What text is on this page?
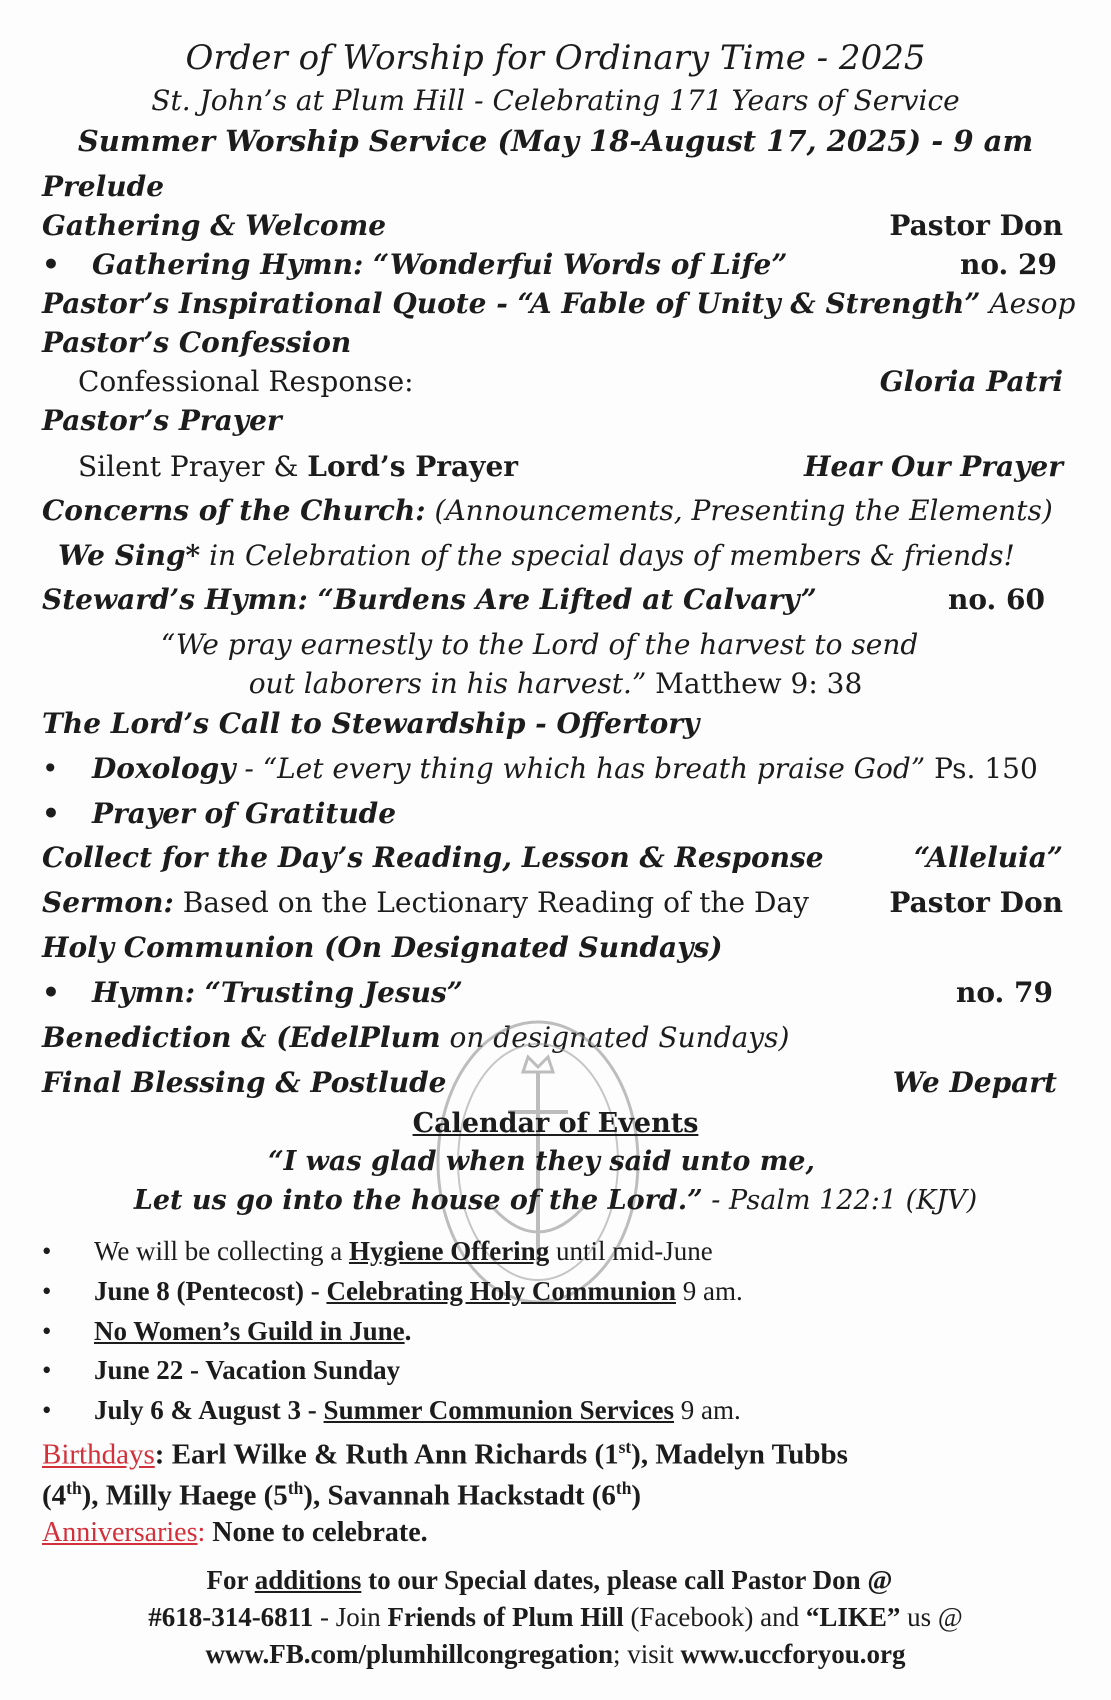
Order of Worship for Ordinary Time - 2025
St. John’s at Plum Hill - Celebrating 171 Years of Service
Summer Worship Service (May 18-August 17, 2025) - 9 am
Prelude
Gathering & Welcome	Pastor Don
• Gathering Hymn: “Wonderfui Words of Life”	no. 29
Pastor’s Inspirational Quote - “A Fable of Unity & Strength” Aesop
Pastor’s Confession
Confessional Response:	Gloria Patri
Pastor’s Prayer
Silent Prayer & Lord’s Prayer	Hear Our Prayer
Concerns of the Church: (Announcements, Presenting the Elements)
We Sing* in Celebration of the special days of members & friends!
Steward’s Hymn: “Burdens Are Lifted at Calvary”	no. 60
“We pray earnestly to the Lord of the harvest to send
out laborers in his harvest.” Matthew 9: 38
The Lord’s Call to Stewardship - Offertory
• Doxology - “Let every thing which has breath praise God” Ps. 150
• Prayer of Gratitude
Collect for the Day’s Reading, Lesson & Response	“Alleluia”
Sermon: Based on the Lectionary Reading of the Day	Pastor Don
Holy Communion (On Designated Sundays)
• Hymn: “Trusting Jesus”	no. 79
Benediction & (EdelPlum on designated Sundays)
Final Blessing & Postlude	We Depart
Calendar of Events
“I was glad when they said unto me,
Let us go into the house of the Lord.” - Psalm 122:1 (KJV)
• We will be collecting a Hygiene Offering until mid-June
• June 8 (Pentecost) - Celebrating Holy Communion 9 am.
• No Women’s Guild in June.
• June 22 - Vacation Sunday
• July 6 & August 3 - Summer Communion Services 9 am.
Birthdays: Earl Wilke & Ruth Ann Richards (1st), Madelyn Tubbs
(4th), Milly Haege (5th), Savannah Hackstadt (6th)
Anniversaries: None to celebrate.
For additions to our Special dates, please call Pastor Don @
#618-314-6811 - Join Friends of Plum Hill (Facebook) and “LIKE” us @
www.FB.com/plumhillcongregation; visit www.uccforyou.org
